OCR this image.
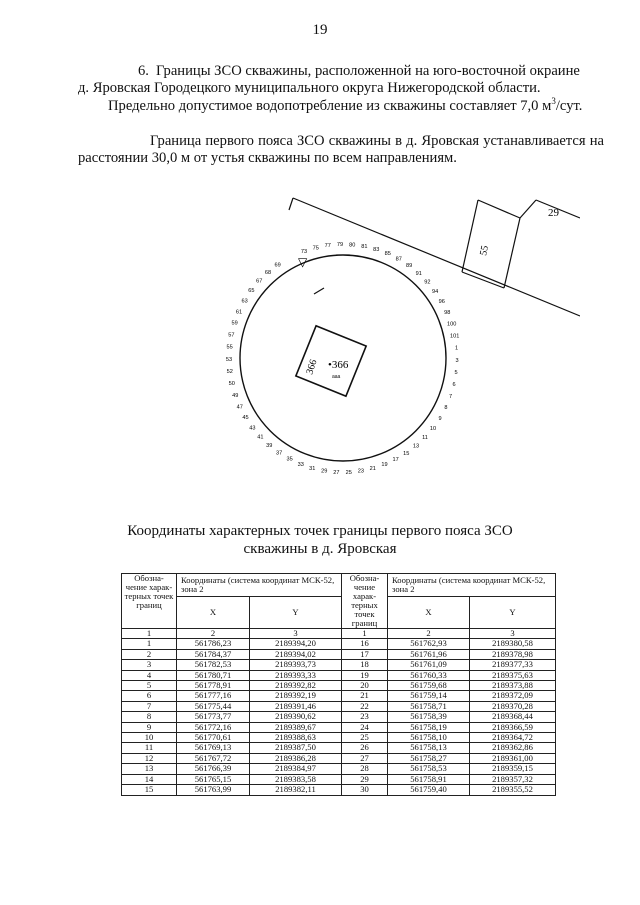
19

6. Границы ЗСО скважины, расположенной на юго-восточной окраине

д. Яровская Городецкого муниципального округа Нижегородской области.

Предельно допустимое водопотребление из скважины составляет 7,0 $м^3$/сут.
Граница первого пояса ЗСО скважины в д. Яровская устанавливается на расстоянии 30,0 м от устья скважины по всем направлениям.
55
29
366 •366
ааа
73
75 77 79 80 81 83
85
87
89
91
92
94
96
98
100
101
1
3
5
6
7
8
9
10
11
13
15
17
19
21
23
25
27
29
31
33
35
37
39
41
43
45
47
49
50
52
53
55
57
59
61
63
65
67
68
69 ▽
Координаты характерных точек границы первого пояса ЗСО
скважины в д. Яровская
Обозна-чение харак-терных точек границ	Координаты (система координат МСК-52, зона 2		Обозна-чение харак-терных точек границ	Координаты (система координат МСК-52, зона 2	
	X	Y		X	Y
1	2	3	1	2	3
1	561786,23	2189394,20	16	561762,93	2189380,58
2	561784,37	2189394,02	17	561761,96	2189378,98
3	561782,53	2189393,73	18	561761,09	2189377,33
4	561780,71	2189393,33	19	561760,33	2189375,63
5	561778,91	2189392,82	20	561759,68	2189373,88
6	561777,16	2189392,19	21	561759,14	2189372,09
7	561775,44	2189391,46	22	561758,71	2189370,28
8	561773,77	2189390,62	23	561758,39	2189368,44
9	561772,16	2189389,67	24	561758,19	2189366,59
10	561770,61	2189388,63	25	561758,10	2189364,72
11	561769,13	2189387,50	26	561758,13	2189362,86
12	561767,72	2189386,28	27	561758,27	2189361,00
13	561766,39	2189384,97	28	561758,53	2189359,15
14	561765,15	2189383,58	29	561758,91	2189357,32
15	561763,99	2189382,11	30	561759,40	2189355,52
